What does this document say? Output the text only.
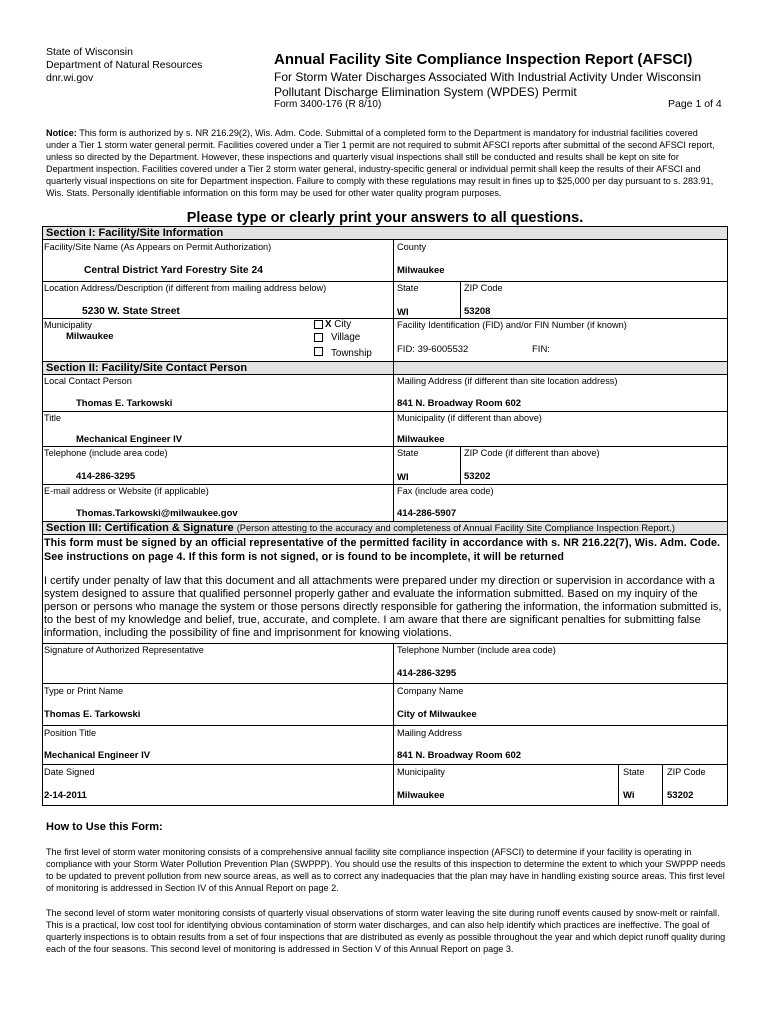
State of Wisconsin
Department of Natural Resources
dnr.wi.gov
Annual Facility Site Compliance Inspection Report (AFSCI)
For Storm Water Discharges Associated With Industrial Activity Under Wisconsin Pollutant Discharge Elimination System (WPDES) Permit
Form 3400-176 (R 8/10)	Page 1 of 4
Notice: This form is authorized by s. NR 216.29(2), Wis. Adm. Code. Submittal of a completed form to the Department is mandatory for industrial facilities covered under a Tier 1 storm water general permit. Facilities covered under a Tier 1 permit are not required to submit AFSCI reports after submittal of the second AFSCI report, unless so directed by the Department. However, these inspections and quarterly visual inspections shall still be conducted and results shall be kept on site for Department inspection. Facilities covered under a Tier 2 storm water general, industry-specific general or individual permit shall keep the results of their AFSCI and quarterly visual inspections on site for Department inspection. Failure to comply with these regulations may result in fines up to $25,000 per day pursuant to s. 283.91, Wis. Stats. Personally identifiable information on this form may be used for other water quality program purposes.
Please type or clearly print your answers to all questions.
Section I: Facility/Site Information
Facility/Site Name (As Appears on Permit Authorization)
Central District Yard Forestry Site 24
County
Milwaukee
Location Address/Description (if different from mailing address below)
5230 W. State Street
State
WI
ZIP Code
53208
Municipality
Milwaukee
X City
Village
Township
Facility Identification (FID) and/or FIN Number (if known)
FID: 39-6005532	FIN:
Section II: Facility/Site Contact Person
Local Contact Person
Thomas E. Tarkowski
Mailing Address (if different than site location address)
841 N. Broadway Room 602
Title
Mechanical Engineer IV
Municipality (if different than above)
Milwaukee
Telephone (include area code)
414-286-3295
State
WI
ZIP Code (if different than above)
53202
E-mail address or Website (if applicable)
Thomas.Tarkowski@milwaukee.gov
Fax (include area code)
414-286-5907
Section III: Certification & Signature (Person attesting to the accuracy and completeness of Annual Facility Site Compliance Inspection Report.)
This form must be signed by an official representative of the permitted facility in accordance with s. NR 216.22(7), Wis. Adm. Code. See instructions on page 4. If this form is not signed, or is found to be incomplete, it will be returned
I certify under penalty of law that this document and all attachments were prepared under my direction or supervision in accordance with a system designed to assure that qualified personnel properly gather and evaluate the information submitted. Based on my inquiry of the person or persons who manage the system or those persons directly responsible for gathering the information, the information submitted is, to the best of my knowledge and belief, true, accurate, and complete. I am aware that there are significant penalties for submitting false information, including the possibility of fine and imprisonment for knowing violations.
Signature of Authorized Representative	Telephone Number (include area code)
414-286-3295
Type or Print Name
Thomas E. Tarkowski
Company Name
City of Milwaukee
Position Title
Mechanical Engineer IV
Mailing Address
841 N. Broadway Room 602
Date Signed
2-14-2011
Municipality
Milwaukee
State
Wi
ZIP Code
53202
How to Use this Form:
The first level of storm water monitoring consists of a comprehensive annual facility site compliance inspection (AFSCI) to determine if your facility is operating in compliance with your Storm Water Pollution Prevention Plan (SWPPP). You should use the results of this inspection to determine the extent to which your SWPPP needs to be updated to prevent pollution from new source areas, as well as to correct any inadequacies that the plan may have in handling existing source areas. This first level of monitoring is addressed in Section IV of this Annual Report on page 2.
The second level of storm water monitoring consists of quarterly visual observations of storm water leaving the site during runoff events caused by snow-melt or rainfall. This is a practical, low cost tool for identifying obvious contamination of storm water discharges, and can also help identify which practices are ineffective. The goal of quarterly inspections is to obtain results from a set of four inspections that are distributed as evenly as possible throughout the year and which depict runoff quality during each of the four seasons. This second level of monitoring is addressed in Section V of this Annual Report on page 3.
